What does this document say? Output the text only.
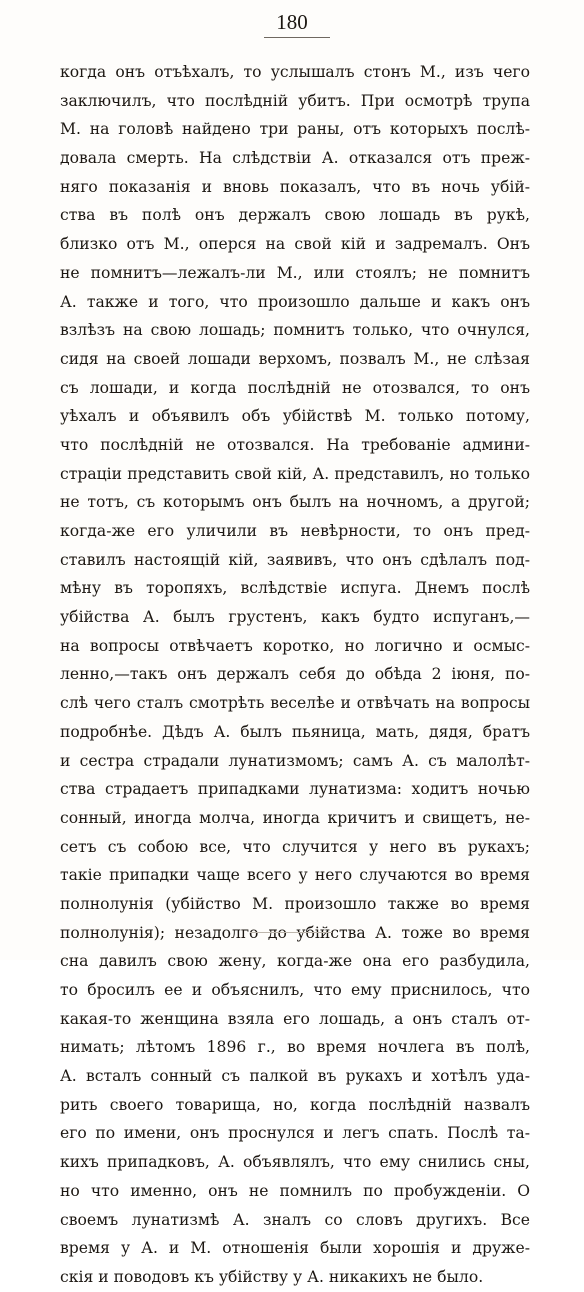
180
когда онъ отъѣхалъ, то услышалъ стонъ М., изъ чего
заключилъ, что послѣдній убитъ. При осмотрѣ трупа
М. на головѣ найдено три раны, отъ которыхъ послѣ-
довала смерть. На слѣдствіи А. отказался отъ преж-
няго показанія и вновь показалъ, что въ ночь убій-
ства въ полѣ онъ держалъ свою лошадь въ рукѣ,
близко отъ М., оперся на свой кій и задремалъ. Онъ
не помнитъ—лежалъ-ли М., или стоялъ; не помнитъ
А. также и того, что произошло дальше и какъ онъ
взлѣзъ на свою лошадь; помнитъ только, что очнулся,
сидя на своей лошади верхомъ, позвалъ М., не слѣзая
съ лошади, и когда послѣдній не отозвался, то онъ
уѣхалъ и объявилъ объ убійствѣ М. только потому,
что послѣдній не отозвался. На требованіе админи-
страціи представить свой кій, А. представилъ, но только
не тотъ, съ которымъ онъ былъ на ночномъ, а другой;
когда-же его уличили въ невѣрности, то онъ пред-
ставилъ настоящій кій, заявивъ, что онъ сдѣлалъ под-
мѣну въ торопяхъ, вслѣдствіе испуга. Днемъ послѣ
убійства А. былъ грустенъ, какъ будто испуганъ,—
на вопросы отвѣчаетъ коротко, но логично и осмыс-
ленно,—такъ онъ держалъ себя до обѣда 2 іюня, по-
слѣ чего сталъ смотрѣть веселѣе и отвѣчать на вопросы
подробнѣе. Дѣдъ А. былъ пьяница, мать, дядя, братъ
и сестра страдали лунатизмомъ; самъ А. съ малолѣт-
ства страдаетъ припадками лунатизма: ходитъ ночью
сонный, иногда молча, иногда кричитъ и свищетъ, не-
сетъ съ собою все, что случится у него въ рукахъ;
такіе припадки чаще всего у него случаются во время
полнолунія (убійство М. произошло также во время
полнолунія); незадолго до убійства А. тоже во время
сна давилъ свою жену, когда-же она его разбудила,
то бросилъ ее и объяснилъ, что ему приснилось, что
какая-то женщина взяла его лошадь, а онъ сталъ от-
нимать; лѣтомъ 1896 г., во время ночлега въ полѣ,
А. всталъ сонный съ палкой въ рукахъ и хотѣлъ уда-
рить своего товарища, но, когда послѣдній назвалъ
его по имени, онъ проснулся и легъ спать. Послѣ та-
кихъ припадковъ, А. объявлялъ, что ему снились сны,
но что именно, онъ не помнилъ по пробужденіи. О
своемъ лунатизмѣ А. зналъ со словъ другихъ. Все
время у А. и М. отношенія были хорошія и друже-
скія и поводовъ къ убійству у А. никакихъ не было.
